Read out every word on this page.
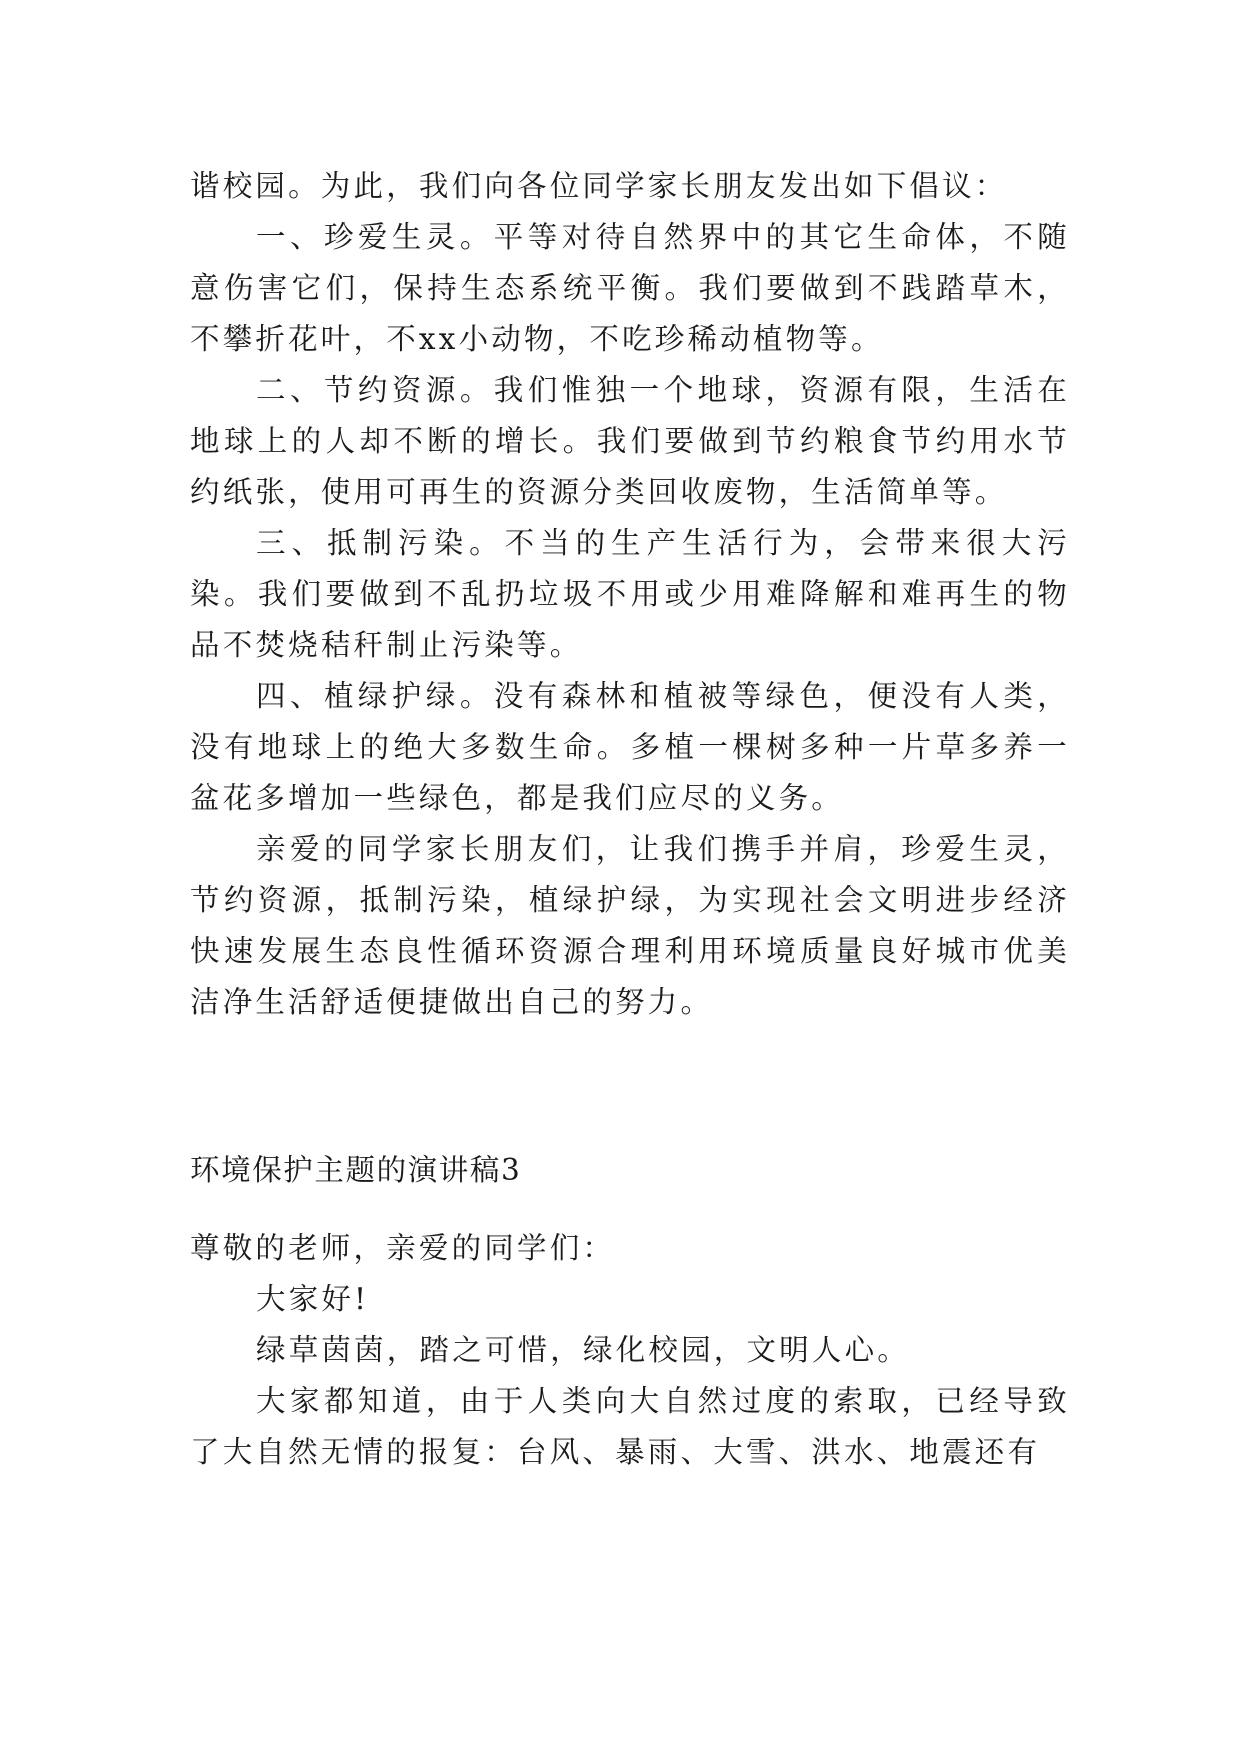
谐校园。为此，我们向各位同学家长朋友发出如下倡议：

一、珍爱生灵。平等对待自然界中的其它生命体，不随意伤害它们，保持生态系统平衡。我们要做到不践踏草木，不攀折花叶，不xx小动物，不吃珍稀动植物等。

二、节约资源。我们惟独一个地球，资源有限，生活在地球上的人却不断的增长。我们要做到节约粮食节约用水节约纸张，使用可再生的资源分类回收废物，生活简单等。

三、抵制污染。不当的生产生活行为，会带来很大污染。我们要做到不乱扔垃圾不用或少用难降解和难再生的物品不焚烧秸秆制止污染等。

四、植绿护绿。没有森林和植被等绿色，便没有人类，没有地球上的绝大多数生命。多植一棵树多种一片草多养一盆花多增加一些绿色，都是我们应尽的义务。

亲爱的同学家长朋友们，让我们携手并肩，珍爱生灵，节约资源，抵制污染，植绿护绿，为实现社会文明进步经济快速发展生态良性循环资源合理利用环境质量良好城市优美洁净生活舒适便捷做出自己的努力。

环境保护主题的演讲稿3

尊敬的老师，亲爱的同学们：

大家好!

绿草茵茵，踏之可惜，绿化校园，文明人心。

大家都知道，由于人类向大自然过度的索取，已经导致了大自然无情的报复：台风、暴雨、大雪、洪水、地震还有
